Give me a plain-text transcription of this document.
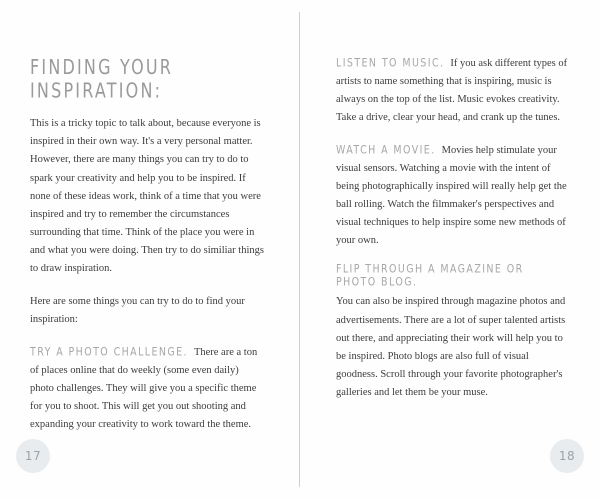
FINDING YOUR INSPIRATION:

This is a tricky topic to talk about, because everyone is inspired in their own way. It's a very personal matter. However, there are many things you can try to do to spark your creativity and help you to be inspired. If none of these ideas work, think of a time that you were inspired and try to remember the circumstances surrounding that time. Think of the place you were in and what you were doing. Then try to do similiar things to draw inspiration.

Here are some things you can try to do to find your inspiration:

TRY A PHOTO CHALLENGE. There are a ton of places online that do weekly (some even daily) photo challenges. They will give you a specific theme for you to shoot. This will get you out shooting and expanding your creativity to work toward the theme.

17

LISTEN TO MUSIC. If you ask different types of artists to name something that is inspiring, music is always on the top of the list. Music evokes creativity. Take a drive, clear your head, and crank up the tunes.

WATCH A MOVIE. Movies help stimulate your visual sensors. Watching a movie with the intent of being photographically inspired will really help get the ball rolling. Watch the filmmaker's perspectives and visual techniques to help inspire some new methods of your own.

FLIP THROUGH A MAGAZINE OR PHOTO BLOG.

You can also be inspired through magazine photos and advertisements. There are a lot of super talented artists out there, and appreciating their work will help you to be inspired. Photo blogs are also full of visual goodness. Scroll through your favorite photographer's galleries and let them be your muse.

18
